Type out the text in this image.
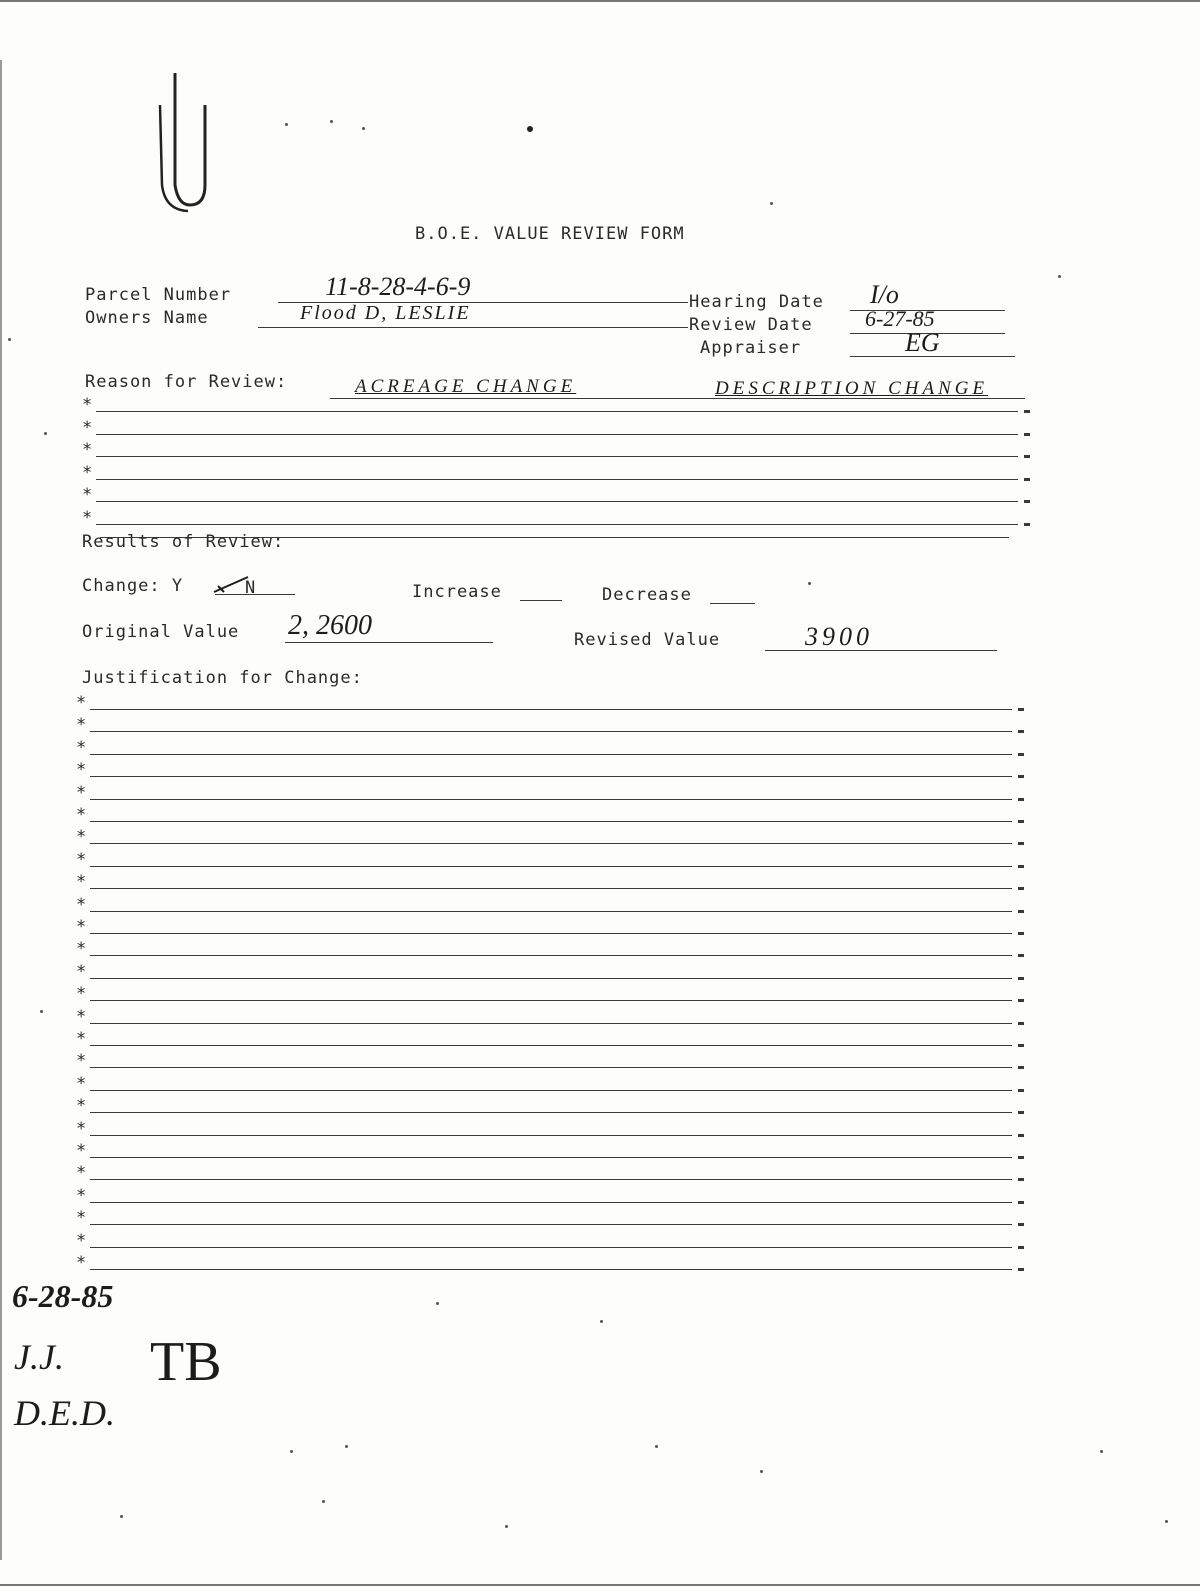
B.O.E. VALUE REVIEW FORM
Parcel Number	11-8-28-4-6-9
Hearing Date I/o
Owners Name	Flood D, LESLIE
Review Date 6-27-85
Appraiser	EG
Reason for Review:	ACREAGE CHANGE	DESCRIPTION CHANGE
*
*
*
*
*
*
Results of Review:
Change: Y	N	Increase	Decrease
Original Value 2, 2600	Revised Value	3900
Justification for Change:
*
*
*
*
*
*
*
*
*
*
*
*
*
*
*
*
*
*
*
*
*
*
*
*
*
*
6-28-85
J.J.
D.E.D.
TB
